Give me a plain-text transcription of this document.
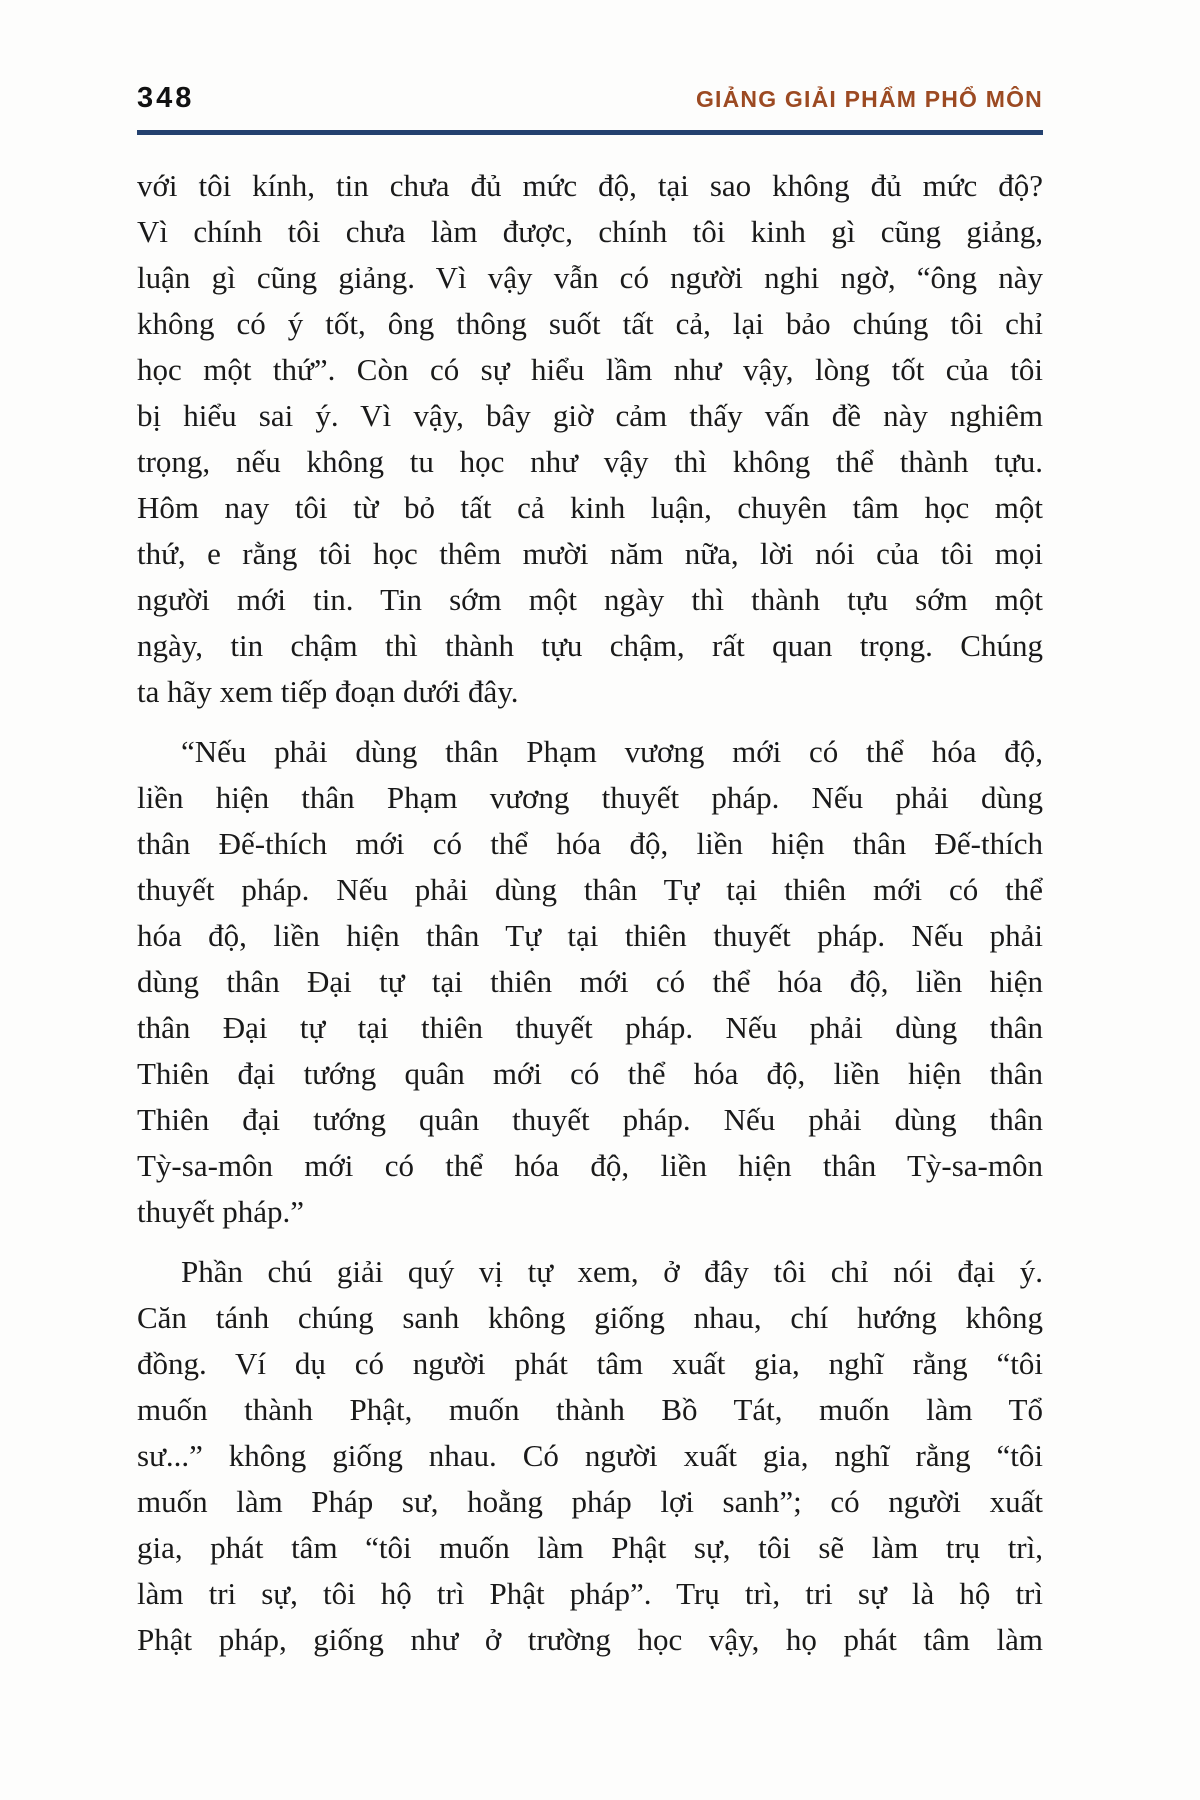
348	GIẢNG GIẢI PHẨM PHỔ MÔN
với tôi kính, tin chưa đủ mức độ, tại sao không đủ mức độ?
Vì chính tôi chưa làm được, chính tôi kinh gì cũng giảng,
luận gì cũng giảng. Vì vậy vẫn có người nghi ngờ, “ông này
không có ý tốt, ông thông suốt tất cả, lại bảo chúng tôi chỉ
học một thứ”. Còn có sự hiểu lầm như vậy, lòng tốt của tôi
bị hiểu sai ý. Vì vậy, bây giờ cảm thấy vấn đề này nghiêm
trọng, nếu không tu học như vậy thì không thể thành tựu.
Hôm nay tôi từ bỏ tất cả kinh luận, chuyên tâm học một
thứ, e rằng tôi học thêm mười năm nữa, lời nói của tôi mọi
người mới tin. Tin sớm một ngày thì thành tựu sớm một
ngày, tin chậm thì thành tựu chậm, rất quan trọng. Chúng
ta hãy xem tiếp đoạn dưới đây.
“Nếu phải dùng thân Phạm vương mới có thể hóa độ,
liền hiện thân Phạm vương thuyết pháp. Nếu phải dùng
thân Đế-thích mới có thể hóa độ, liền hiện thân Đế-thích
thuyết pháp. Nếu phải dùng thân Tự tại thiên mới có thể
hóa độ, liền hiện thân Tự tại thiên thuyết pháp. Nếu phải
dùng thân Đại tự tại thiên mới có thể hóa độ, liền hiện
thân Đại tự tại thiên thuyết pháp. Nếu phải dùng thân
Thiên đại tướng quân mới có thể hóa độ, liền hiện thân
Thiên đại tướng quân thuyết pháp. Nếu phải dùng thân
Tỳ-sa-môn mới có thể hóa độ, liền hiện thân Tỳ-sa-môn
thuyết pháp.”
Phần chú giải quý vị tự xem, ở đây tôi chỉ nói đại ý.
Căn tánh chúng sanh không giống nhau, chí hướng không
đồng. Ví dụ có người phát tâm xuất gia, nghĩ rằng “tôi
muốn thành Phật, muốn thành Bồ Tát, muốn làm Tổ
sư...” không giống nhau. Có người xuất gia, nghĩ rằng “tôi
muốn làm Pháp sư, hoằng pháp lợi sanh”; có người xuất
gia, phát tâm “tôi muốn làm Phật sự, tôi sẽ làm trụ trì,
làm tri sự, tôi hộ trì Phật pháp”. Trụ trì, tri sự là hộ trì
Phật pháp, giống như ở trường học vậy, họ phát tâm làm
